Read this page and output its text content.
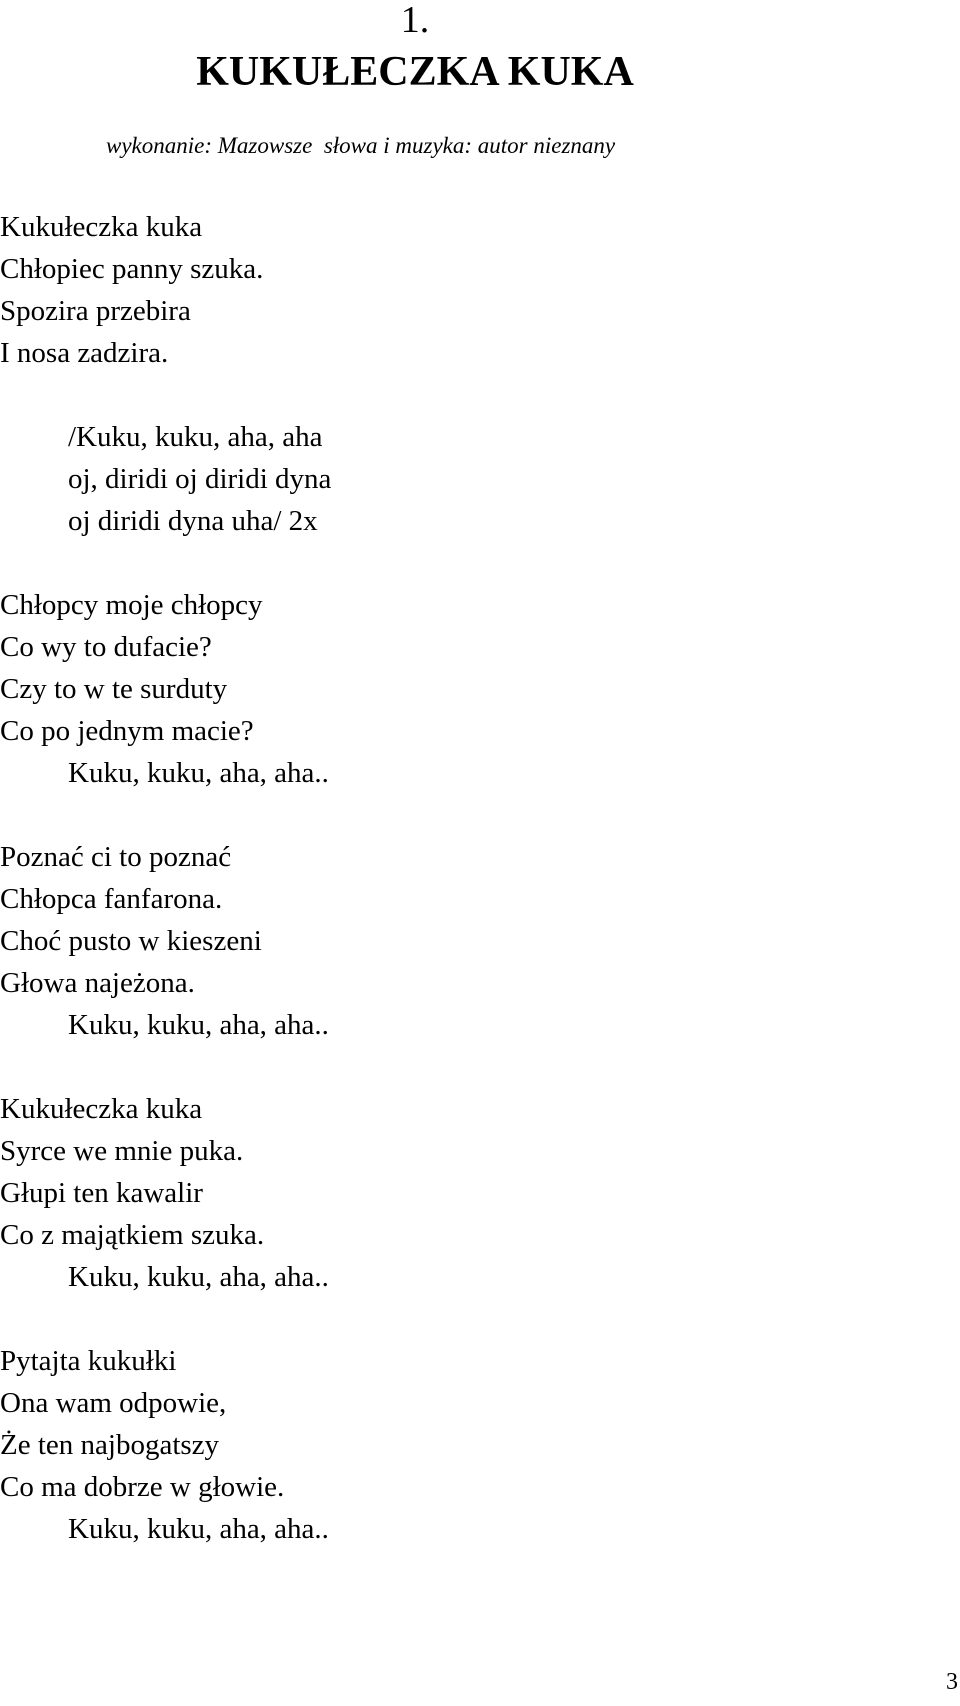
1.
KUKUŁECZKA KUKA
wykonanie: Mazowsze  słowa i muzyka: autor nieznany
Kukułeczka kuka
Chłopiec panny szuka.
Spozira przebira
I nosa zadzira.
/Kuku, kuku, aha, aha
oj, diridi oj diridi dyna
oj diridi dyna uha/ 2x
Chłopcy moje chłopcy
Co wy to dufacie?
Czy to w te surduty
Co po jednym macie?
Kuku, kuku, aha, aha..
Poznać ci to poznać
Chłopca fanfarona.
Choć pusto w kieszeni
Głowa najeżona.
Kuku, kuku, aha, aha..
Kukułeczka kuka
Syrce we mnie puka.
Głupi ten kawalir
Co z majątkiem szuka.
Kuku, kuku, aha, aha..
Pytajta kukułki
Ona wam odpowie,
Że ten najbogatszy
Co ma dobrze w głowie.
Kuku, kuku, aha, aha..
3
